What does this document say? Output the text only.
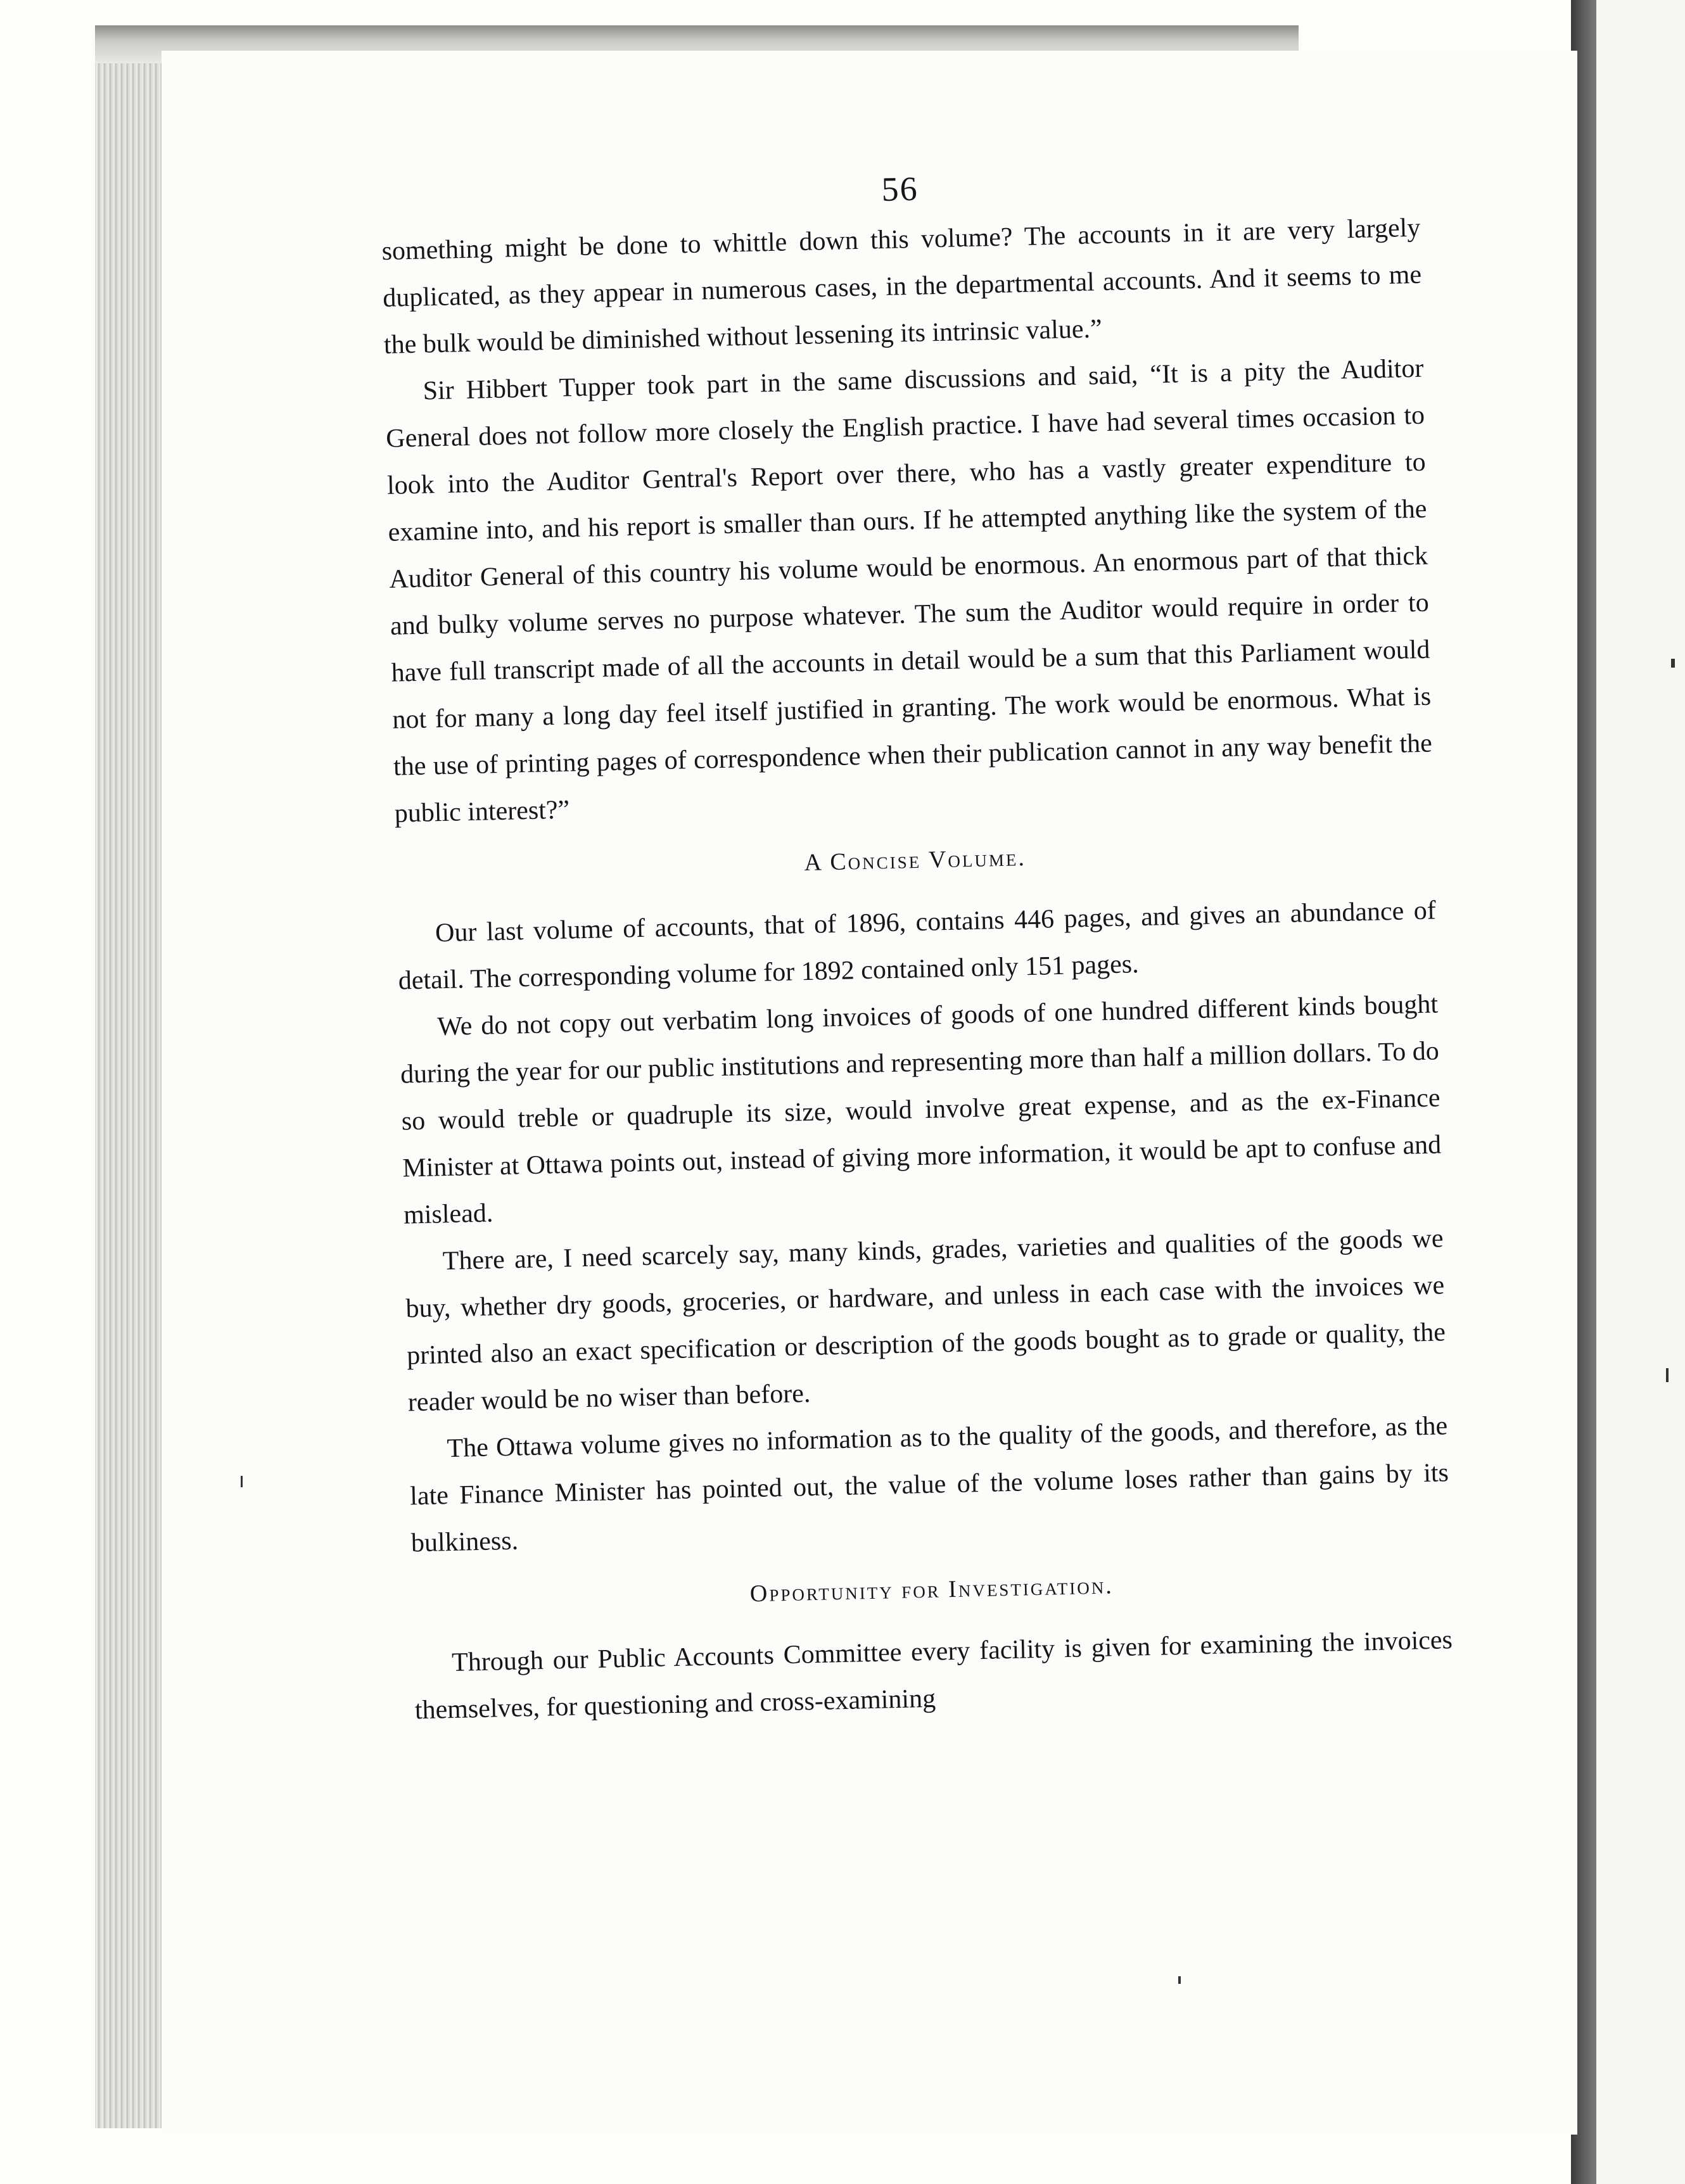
56

something might be done to whittle down this volume? The accounts in it are very largely duplicated, as they appear in numerous cases, in the departmental accounts. And it seems to me the bulk would be diminished without lessening its intrinsic value.”

Sir Hibbert Tupper took part in the same discussions and said, “It is a pity the Auditor General does not follow more closely the English practice. I have had several times occasion to look into the Auditor Gentral's Report over there, who has a vastly greater expenditure to examine into, and his report is smaller than ours. If he attempted anything like the system of the Auditor General of this country his volume would be enormous. An enormous part of that thick and bulky volume serves no purpose whatever. The sum the Auditor would require in order to have full transcript made of all the accounts in detail would be a sum that this Parliament would not for many a long day feel itself justified in granting. The work would be enormous. What is the use of printing pages of correspondence when their publication cannot in any way benefit the public interest?”

A Concise Volume.

Our last volume of accounts, that of 1896, contains 446 pages, and gives an abundance of detail. The corresponding volume for 1892 contained only 151 pages.

We do not copy out verbatim long invoices of goods of one hundred different kinds bought during the year for our public institutions and representing more than half a million dollars. To do so would treble or quadruple its size, would involve great expense, and as the ex-Finance Minister at Ottawa points out, instead of giving more information, it would be apt to confuse and mislead.

There are, I need scarcely say, many kinds, grades, varieties and qualities of the goods we buy, whether dry goods, groceries, or hardware, and unless in each case with the invoices we printed also an exact specification or description of the goods bought as to grade or quality, the reader would be no wiser than before.

The Ottawa volume gives no information as to the quality of the goods, and therefore, as the late Finance Minister has pointed out, the value of the volume loses rather than gains by its bulkiness.

Opportunity for Investigation.

Through our Public Accounts Committee every facility is given for examining the invoices themselves, for questioning and cross-examining
